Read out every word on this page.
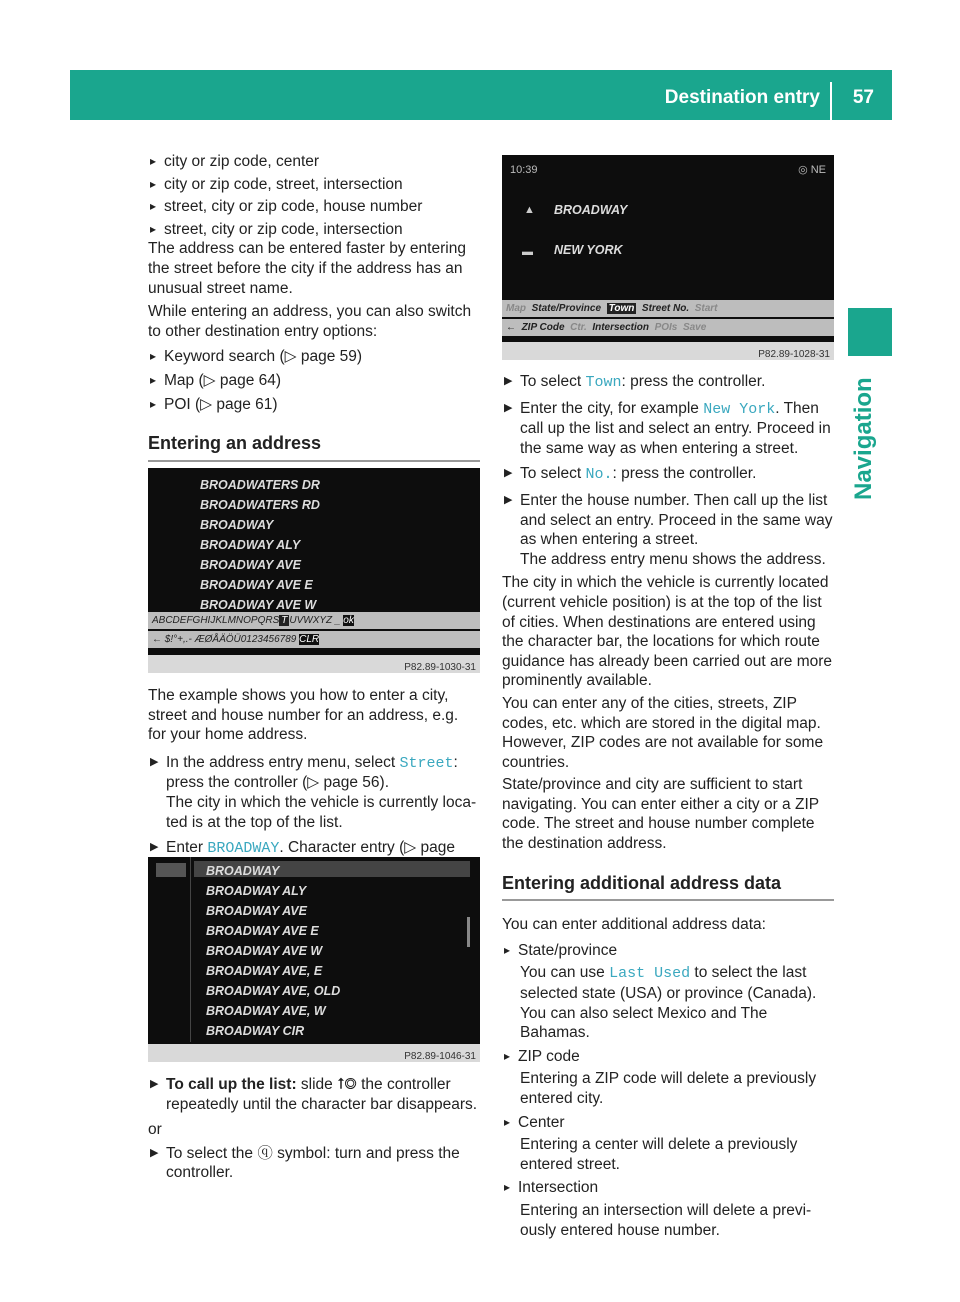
Destination entry 57
Navigation

▸ city or zip code, center

▸ city or zip code, street, intersection

▸ street, city or zip code, house number

▸ street, city or zip code, intersection

The address can be entered faster by entering the street before the city if the address has an unusual street name.

While entering an address, you can also switch to other destination entry options:

▸ Keyword search (▷ page 59)

▸ Map (▷ page 64)

▸ POI (▷ page 61)

Entering an address

The example shows you how to enter a city, street and house number for an address, e.g. for your home address.

▶ In the address entry menu, select Street:

press the controller (▷ page 56).

The city in which the vehicle is currently loca- ted is at the top of the list.

▶ Enter BROADWAY. Character entry (▷ page

▶ To call up the list: slide ⭡◎ the controller repeatedly until the character bar disappears.

or

▶ To select the ⓠ symbol: turn and press the controller.

BROADWATERS DR
BROADWATERS RD
BROADWAY
BROADWAY ALY
BROADWAY AVE
BROADWAY AVE E
BROADWAY AVE W
ABCDEFGHIJKLMNOPQRS T UVWXYZ _ ok
← $!°+,.- ÆØÅÄÖÜ0123456789 CLR
P82.89-1030-31
BROADWAY
BROADWAY ALY
BROADWAY AVE
BROADWAY AVE E
BROADWAY AVE W
BROADWAY AVE, E
BROADWAY AVE, OLD
BROADWAY AVE, W
BROADWAY CIR
P82.89-1046-31
10:39	◎ NE
▲ BROADWAY
▬ NEW YORK
Map State/Province Town Street No. Start
←  ZIP Code Ctr. Intersection POIs Save
P82.89-1028-31

▶ To select Town: press the controller.

▶ Enter the city, for example New York. Then call up the list and select an entry. Proceed in the same way as when entering a street.

▶ To select No.: press the controller.

▶ Enter the house number. Then call up the list and select an entry. Proceed in the same way as when entering a street.

The address entry menu shows the address.

The city in which the vehicle is currently located (current vehicle position) is at the top of the list of cities. When destinations are entered using the character bar, the locations for which route guidance has already been carried out are more prominently available.

You can enter any of the cities, streets, ZIP codes, etc. which are stored in the digital map. However, ZIP codes are not available for some countries.

State/province and city are sufficient to start navigating. You can enter either a city or a ZIP code. The street and house number complete the destination address.

Entering additional address data

You can enter additional address data:

▸ State/province

You can use Last Used to select the last selected state (USA) or province (Canada).

You can also select Mexico and The Bahamas.

▸ ZIP code

Entering a ZIP code will delete a previously entered city.

▸ Center

Entering a center will delete a previously entered street.

▸ Intersection

Entering an intersection will delete a previ- ously entered house number.
